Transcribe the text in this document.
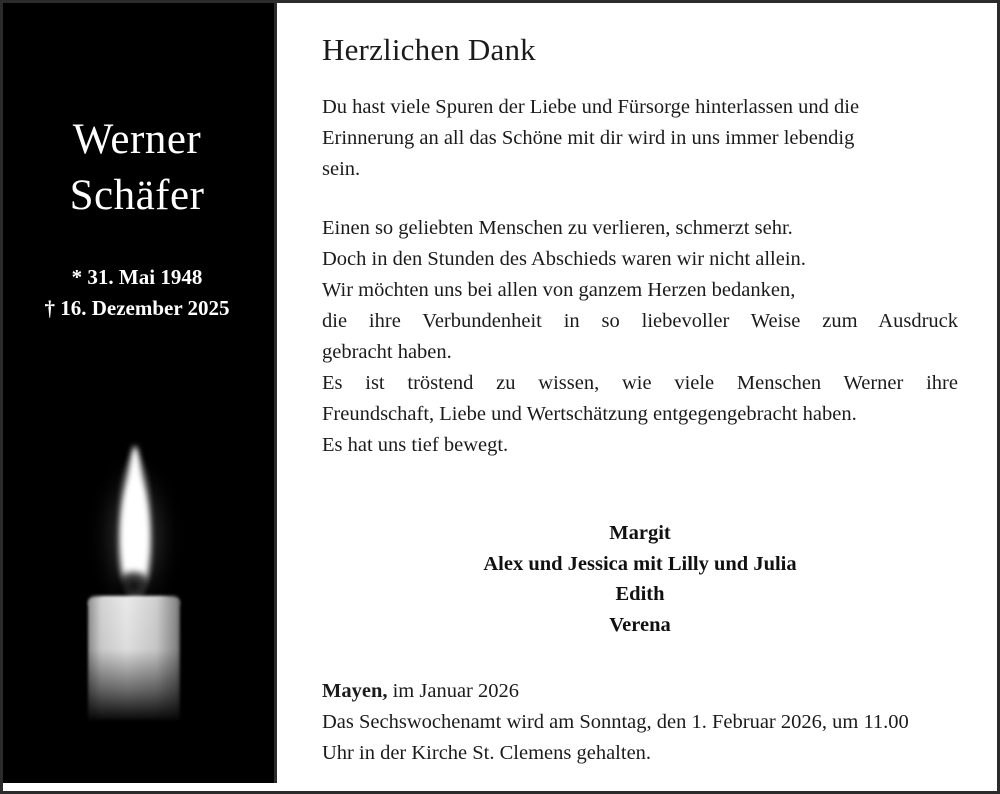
Werner
Schäfer
* 31. Mai 1948
† 16. Dezember 2025
Herzlichen Dank
Du hast viele Spuren der Liebe und Fürsorge hinterlassen und die
Erinnerung an all das Schöne mit dir wird in uns immer lebendig
sein.
Einen so geliebten Menschen zu verlieren, schmerzt sehr.
Doch in den Stunden des Abschieds waren wir nicht allein.
Wir möchten uns bei allen von ganzem Herzen bedanken,
die ihre Verbundenheit in so liebevoller Weise zum Ausdruck
gebracht haben.
Es ist tröstend zu wissen, wie viele Menschen Werner ihre
Freundschaft, Liebe und Wertschätzung entgegengebracht haben.
Es hat uns tief bewegt.
Margit
Alex und Jessica mit Lilly und Julia
Edith
Verena
Mayen, im Januar 2026
Das Sechswochenamt wird am Sonntag, den 1. Februar 2026, um 11.00
Uhr in der Kirche St. Clemens gehalten.
